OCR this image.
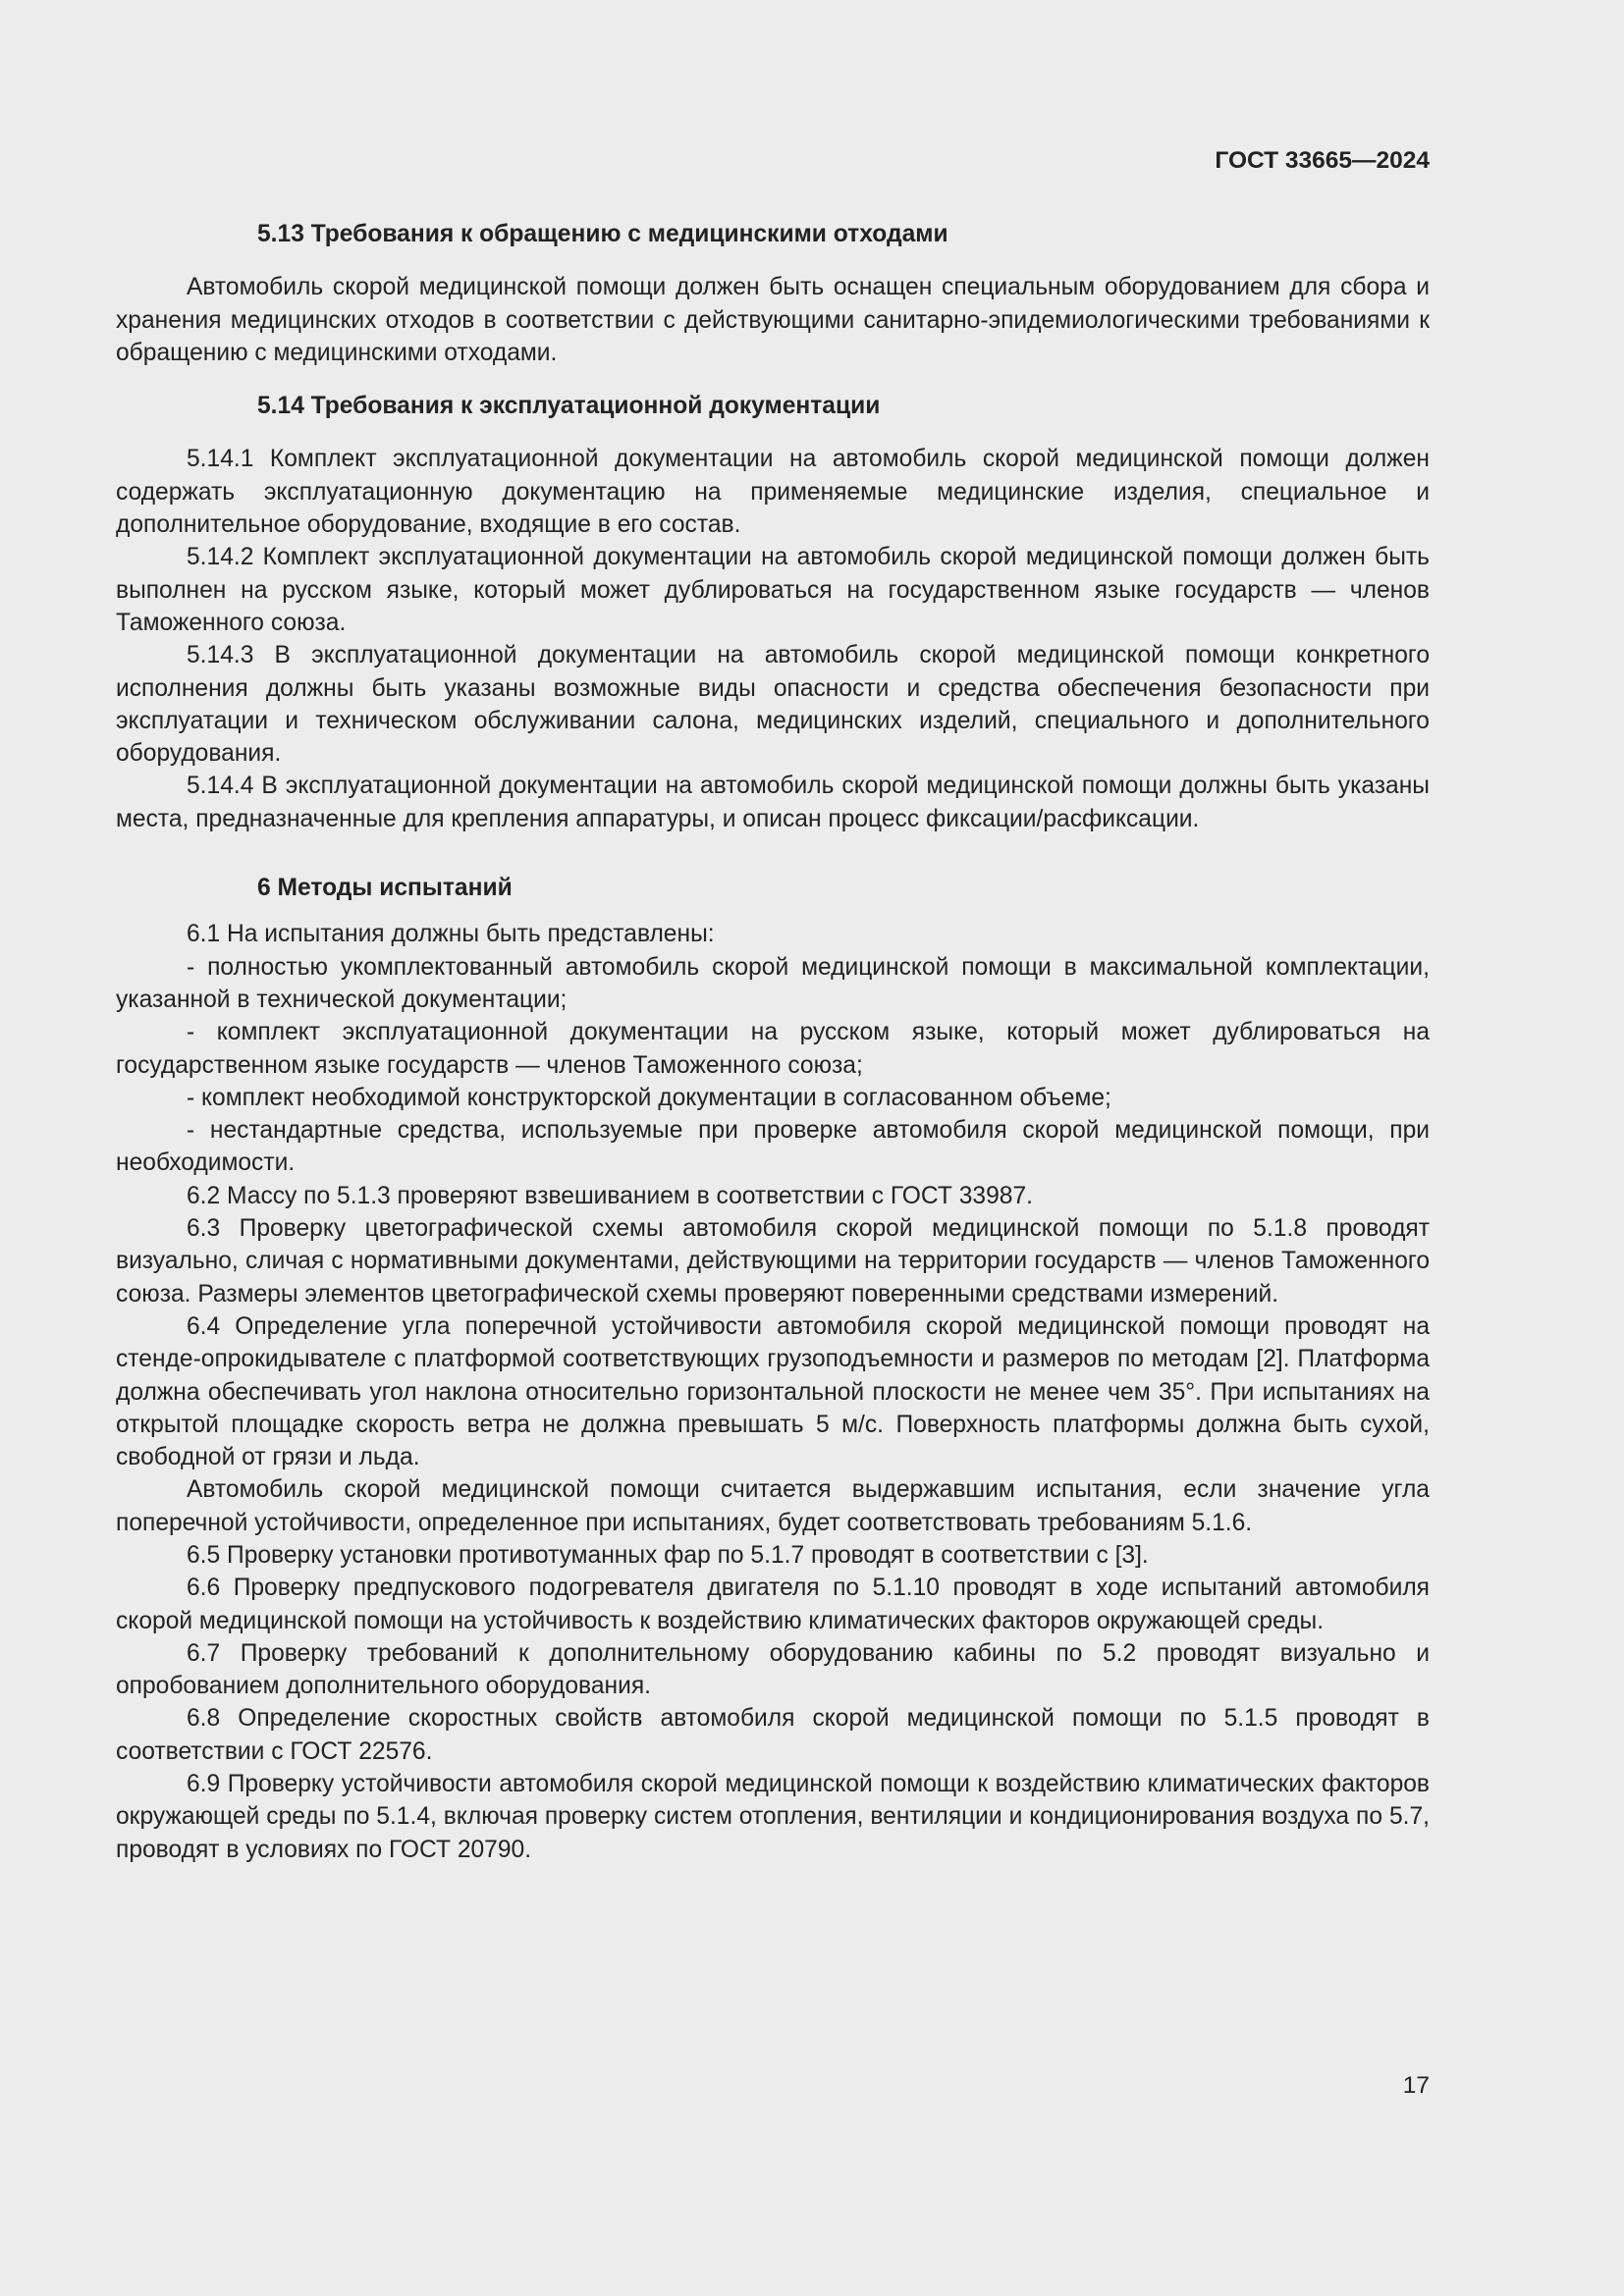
ГОСТ 33665—2024

5.13 Требования к обращению с медицинскими отходами

Автомобиль скорой медицинской помощи должен быть оснащен специальным оборудованием для сбора и хранения медицинских отходов в соответствии с действующими санитарно-эпидемиологическими требованиями к обращению с медицинскими отходами.

5.14 Требования к эксплуатационной документации

5.14.1 Комплект эксплуатационной документации на автомобиль скорой медицинской помощи должен содержать эксплуатационную документацию на применяемые медицинские изделия, специальное и дополнительное оборудование, входящие в его состав.

5.14.2 Комплект эксплуатационной документации на автомобиль скорой медицинской помощи должен быть выполнен на русском языке, который может дублироваться на государственном языке государств — членов Таможенного союза.

5.14.3 В эксплуатационной документации на автомобиль скорой медицинской помощи конкретного исполнения должны быть указаны возможные виды опасности и средства обеспечения безопасности при эксплуатации и техническом обслуживании салона, медицинских изделий, специального и дополнительного оборудования.

5.14.4 В эксплуатационной документации на автомобиль скорой медицинской помощи должны быть указаны места, предназначенные для крепления аппаратуры, и описан процесс фиксации/расфиксации.

6 Методы испытаний

6.1 На испытания должны быть представлены:

- полностью укомплектованный автомобиль скорой медицинской помощи в максимальной комплектации, указанной в технической документации;

- комплект эксплуатационной документации на русском языке, который может дублироваться на государственном языке государств — членов Таможенного союза;

- комплект необходимой конструкторской документации в согласованном объеме;

- нестандартные средства, используемые при проверке автомобиля скорой медицинской помощи, при необходимости.

6.2 Массу по 5.1.3 проверяют взвешиванием в соответствии с ГОСТ 33987.

6.3 Проверку цветографической схемы автомобиля скорой медицинской помощи по 5.1.8 проводят визуально, сличая с нормативными документами, действующими на территории государств — членов Таможенного союза. Размеры элементов цветографической схемы проверяют поверенными средствами измерений.

6.4 Определение угла поперечной устойчивости автомобиля скорой медицинской помощи проводят на стенде-опрокидывателе с платформой соответствующих грузоподъемности и размеров по методам [2]. Платформа должна обеспечивать угол наклона относительно горизонтальной плоскости не менее чем 35°. При испытаниях на открытой площадке скорость ветра не должна превышать 5 м/с. Поверхность платформы должна быть сухой, свободной от грязи и льда.

Автомобиль скорой медицинской помощи считается выдержавшим испытания, если значение угла поперечной устойчивости, определенное при испытаниях, будет соответствовать требованиям 5.1.6.

6.5 Проверку установки противотуманных фар по 5.1.7 проводят в соответствии с [3].

6.6 Проверку предпускового подогревателя двигателя по 5.1.10 проводят в ходе испытаний автомобиля скорой медицинской помощи на устойчивость к воздействию климатических факторов окружающей среды.

6.7 Проверку требований к дополнительному оборудованию кабины по 5.2 проводят визуально и опробованием дополнительного оборудования.

6.8 Определение скоростных свойств автомобиля скорой медицинской помощи по 5.1.5 проводят в соответствии с ГОСТ 22576.

6.9 Проверку устойчивости автомобиля скорой медицинской помощи к воздействию климатических факторов окружающей среды по 5.1.4, включая проверку систем отопления, вентиляции и кондиционирования воздуха по 5.7, проводят в условиях по ГОСТ 20790.

17
